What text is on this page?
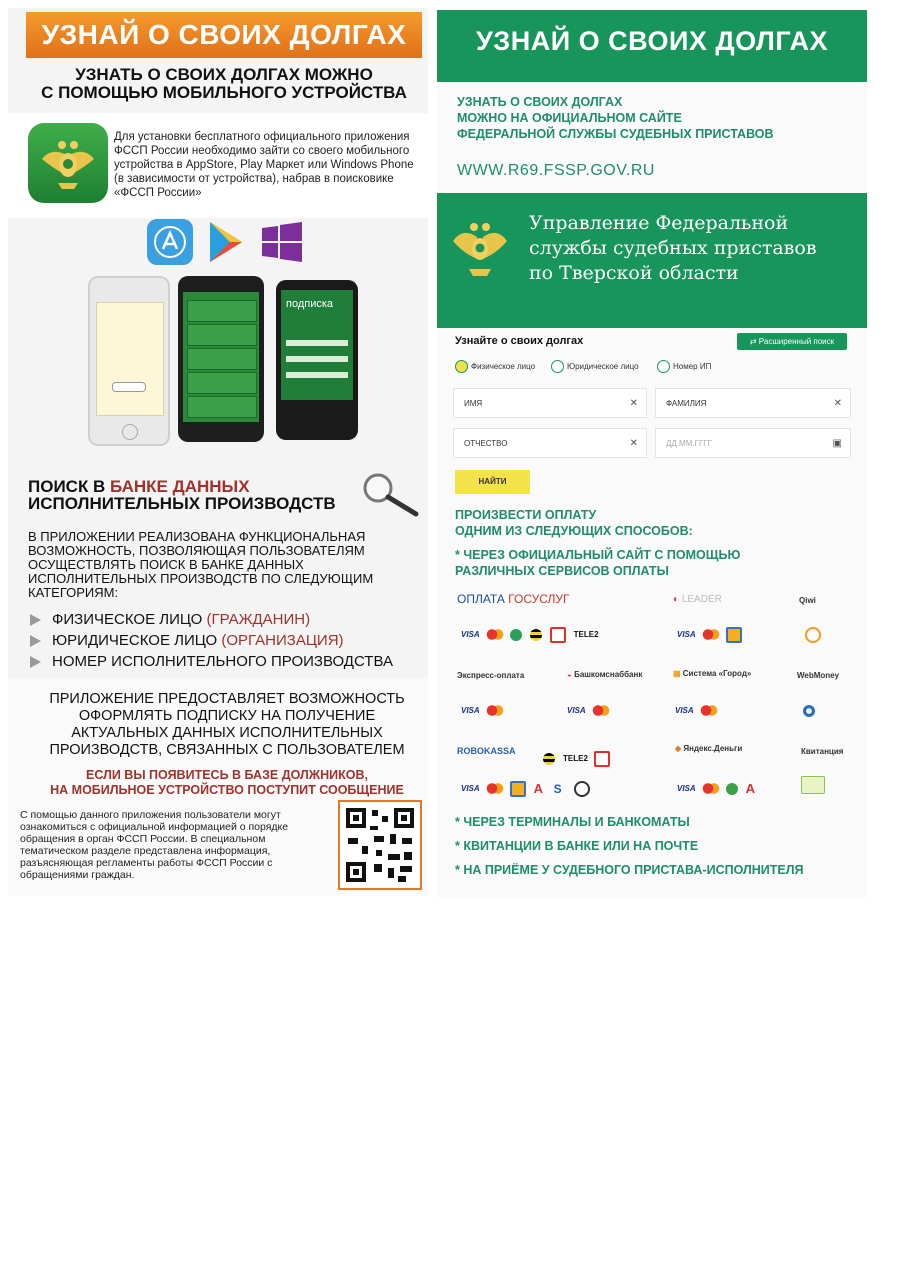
УЗНАЙ О СВОИХ ДОЛГАХ
УЗНАТЬ О СВОИХ ДОЛГАХ МОЖНО
С ПОМОЩЬЮ МОБИЛЬНОГО УСТРОЙСТВА
Для установки бесплатного официального приложения ФССП России необходимо зайти со своего мобильного устройства в AppStore, Play Маркет или Windows Phone (в зависимости от устройства), набрав в поисковике «ФССП России»
подписка
ПОИСК В БАНКЕ ДАННЫХ
ИСПОЛНИТЕЛЬНЫХ ПРОИЗВОДСТВ
В ПРИЛОЖЕНИИ РЕАЛИЗОВАНА ФУНКЦИОНАЛЬНАЯ ВОЗМОЖНОСТЬ, ПОЗВОЛЯЮЩАЯ ПОЛЬЗОВАТЕЛЯМ ОСУЩЕСТВЛЯТЬ ПОИСК В БАНКЕ ДАННЫХ ИСПОЛНИТЕЛЬНЫХ ПРОИЗВОДСТВ ПО СЛЕДУЮЩИМ КАТЕГОРИЯМ:
ФИЗИЧЕСКОЕ ЛИЦО (ГРАЖДАНИН)
ЮРИДИЧЕСКОЕ ЛИЦО (ОРГАНИЗАЦИЯ)
НОМЕР ИСПОЛНИТЕЛЬНОГО ПРОИЗВОДСТВА
ПРИЛОЖЕНИЕ ПРЕДОСТАВЛЯЕТ ВОЗМОЖНОСТЬ ОФОРМЛЯТЬ ПОДПИСКУ НА ПОЛУЧЕНИЕ АКТУАЛЬНЫХ ДАННЫХ ИСПОЛНИТЕЛЬНЫХ ПРОИЗВОДСТВ, СВЯЗАННЫХ С ПОЛЬЗОВАТЕЛЕМ
ЕСЛИ ВЫ ПОЯВИТЕСЬ В БАЗЕ ДОЛЖНИКОВ,
НА МОБИЛЬНОЕ УСТРОЙСТВО ПОСТУПИТ СООБЩЕНИЕ
С помощью данного приложения пользователи могут ознакомиться с официальной информацией о порядке обращения в орган ФССП России. В специальном тематическом разделе представлена информация, разъясняющая регламенты работы ФССП России с обращениями граждан.
УЗНАЙ О СВОИХ ДОЛГАХ
УЗНАТЬ О СВОИХ ДОЛГАХ
МОЖНО НА ОФИЦИАЛЬНОМ САЙТЕ
ФЕДЕРАЛЬНОЙ СЛУЖБЫ СУДЕБНЫХ ПРИСТАВОВ
WWW.R69.FSSP.GOV.RU
Управление Федеральной
службы судебных приставов
по Тверской области
Узнайте о своих долгах	⇄ Расширенный поиск
Физическое лицо	Юридическое лицо	Номер ИП
ИМЯ	✕	ФАМИЛИЯ	✕
ОТЧЕСТВО	✕	ДД.ММ.ГГГГ	▣
НАЙТИ
ПРОИЗВЕСТИ ОПЛАТУ
ОДНИМ ИЗ СЛЕДУЮЩИХ СПОСОБОВ:
* ЧЕРЕЗ ОФИЦИАЛЬНЫЙ САЙТ С ПОМОЩЬЮ
РАЗЛИЧНЫХ СЕРВИСОВ ОПЛАТЫ
ОПЛАТА ГОСУСЛУГ	◐ LEADER	Qiwi
VISA	TELE2	VISA
Экспресс-оплата	◒ Башкомснаббанк	▦ Система «Город»	WebMoney
VISA	VISA	VISA
ROBOKASSA
TELE2
◆ Яндекс.Деньги	Квитанция
VISA	A S	VISA	A
* ЧЕРЕЗ ТЕРМИНАЛЫ И БАНКОМАТЫ
* КВИТАНЦИИ В БАНКЕ ИЛИ НА ПОЧТЕ
* НА ПРИЁМЕ У СУДЕБНОГО ПРИСТАВА-ИСПОЛНИТЕЛЯ
